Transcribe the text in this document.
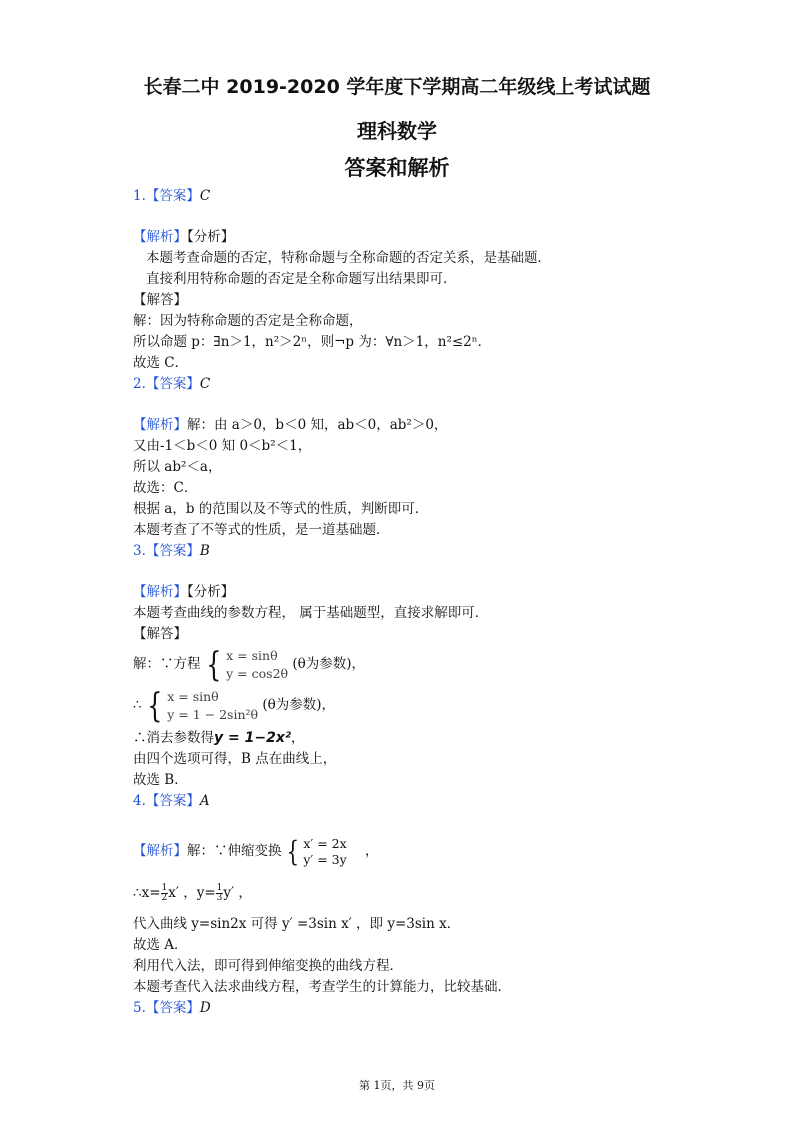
长春二中 2019-2020 学年度下学期高二年级线上考试试题
理科数学
答案和解析
1.【答案】C
【解析】【分析】
本题考查命题的否定，特称命题与全称命题的否定关系，是基础题．
直接利用特称命题的否定是全称命题写出结果即可．
【解答】
解：因为特称命题的否定是全称命题，
所以命题 p：∃n＞1，n²＞2ⁿ，则¬p 为：∀n＞1，n²≤2ⁿ．
故选 C．
2.【答案】C
【解析】解：由 a＞0，b＜0 知，ab＜0，ab²＞0，
又由-1＜b＜0 知 0＜b²＜1，
所以 ab²＜a，
故选：C．
根据 a，b 的范围以及不等式的性质，判断即可．
本题考查了不等式的性质，是一道基础题．
3.【答案】B
【解析】【分析】
本题考查曲线的参数方程， 属于基础题型，直接求解即可．
【解答】
解：∵方程 { x = sinθ
y = cos2θ
(θ为参数)，
∴ { x = sinθ
y = 1 − 2sin²θ
(θ为参数)，
∴消去参数得y = 1−2x²，
由四个选项可得，B 点在曲线上，
故选 B．
4.【答案】A
【解析】解：∵伸缩变换 { x′ = 2x
y′ = 3y ，
∴x= $\frac{1}{2} x'$ ，$y= \frac{1}{3} y'$ ，
代入曲线 y=sin2x 可得 y′ =3sin x′ ，即 y=3sin x．
故选 A．
利用代入法，即可得到伸缩变换的曲线方程．
本题考查代入法求曲线方程，考查学生的计算能力，比较基础．
5.【答案】D
第 1页，共 9页
